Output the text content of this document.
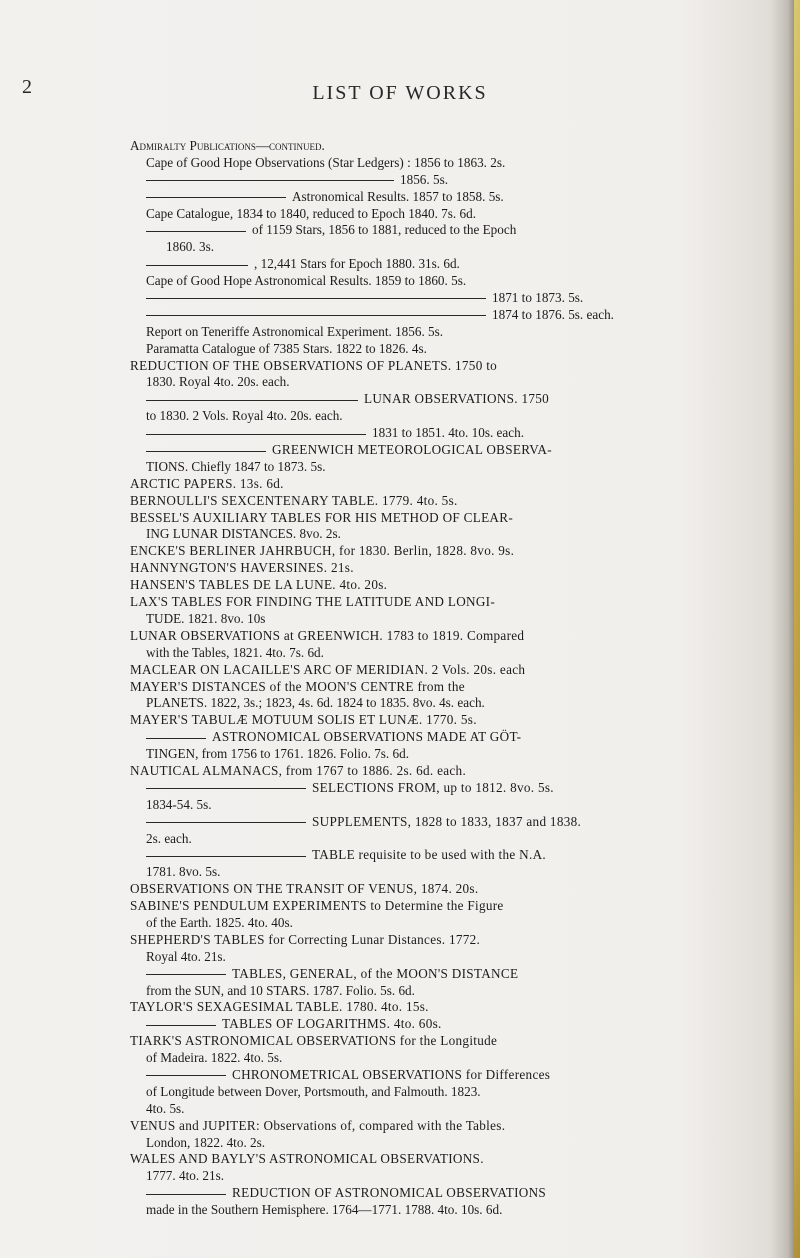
2	LIST OF WORKS
Admiralty Publications—continued.
Cape of Good Hope Observations (Star Ledgers) : 1856 to 1863. 2s.
1856. 5s.
Astronomical Results. 1857 to 1858. 5s.
Cape Catalogue, 1834 to 1840, reduced to Epoch 1840. 7s. 6d.
of 1159 Stars, 1856 to 1881, reduced to the Epoch
1860. 3s.
, 12,441 Stars for Epoch 1880. 31s. 6d.
Cape of Good Hope Astronomical Results. 1859 to 1860. 5s.
1871 to 1873. 5s.
1874 to 1876. 5s. each.
Report on Teneriffe Astronomical Experiment. 1856. 5s.
Paramatta Catalogue of 7385 Stars. 1822 to 1826. 4s.
REDUCTION OF THE OBSERVATIONS OF PLANETS. 1750 to
1830. Royal 4to. 20s. each.
LUNAR OBSERVATIONS. 1750
to 1830. 2 Vols. Royal 4to. 20s. each.
1831 to 1851. 4to. 10s. each.
GREENWICH METEOROLOGICAL OBSERVA-
TIONS. Chiefly 1847 to 1873. 5s.
ARCTIC PAPERS. 13s. 6d.
BERNOULLI'S SEXCENTENARY TABLE. 1779. 4to. 5s.
BESSEL'S AUXILIARY TABLES FOR HIS METHOD OF CLEAR-
ING LUNAR DISTANCES. 8vo. 2s.
ENCKE'S BERLINER JAHRBUCH, for 1830. Berlin, 1828. 8vo. 9s.
HANNYNGTON'S HAVERSINES. 21s.
HANSEN'S TABLES DE LA LUNE. 4to. 20s.
LAX'S TABLES FOR FINDING THE LATITUDE AND LONGI-
TUDE. 1821. 8vo. 10s
LUNAR OBSERVATIONS at GREENWICH. 1783 to 1819. Compared
with the Tables, 1821. 4to. 7s. 6d.
MACLEAR ON LACAILLE'S ARC OF MERIDIAN. 2 Vols. 20s. each
MAYER'S DISTANCES of the MOON'S CENTRE from the
PLANETS. 1822, 3s.; 1823, 4s. 6d. 1824 to 1835. 8vo. 4s. each.
MAYER'S TABULÆ MOTUUM SOLIS ET LUNÆ. 1770. 5s.
ASTRONOMICAL OBSERVATIONS MADE AT GÖT-
TINGEN, from 1756 to 1761. 1826. Folio. 7s. 6d.
NAUTICAL ALMANACS, from 1767 to 1886. 2s. 6d. each.
SELECTIONS FROM, up to 1812. 8vo. 5s.
1834-54. 5s.
SUPPLEMENTS, 1828 to 1833, 1837 and 1838.
2s. each.
TABLE requisite to be used with the N.A.
1781. 8vo. 5s.
OBSERVATIONS ON THE TRANSIT OF VENUS, 1874. 20s.
SABINE'S PENDULUM EXPERIMENTS to Determine the Figure
of the Earth. 1825. 4to. 40s.
SHEPHERD'S TABLES for Correcting Lunar Distances. 1772.
Royal 4to. 21s.
TABLES, GENERAL, of the MOON'S DISTANCE
from the SUN, and 10 STARS. 1787. Folio. 5s. 6d.
TAYLOR'S SEXAGESIMAL TABLE. 1780. 4to. 15s.
TABLES OF LOGARITHMS. 4to. 60s.
TIARK'S ASTRONOMICAL OBSERVATIONS for the Longitude
of Madeira. 1822. 4to. 5s.
CHRONOMETRICAL OBSERVATIONS for Differences
of Longitude between Dover, Portsmouth, and Falmouth. 1823.
4to. 5s.
VENUS and JUPITER: Observations of, compared with the Tables.
London, 1822. 4to. 2s.
WALES AND BAYLY'S ASTRONOMICAL OBSERVATIONS.
1777. 4to. 21s.
REDUCTION OF ASTRONOMICAL OBSERVATIONS
made in the Southern Hemisphere. 1764—1771. 1788. 4to. 10s. 6d.
